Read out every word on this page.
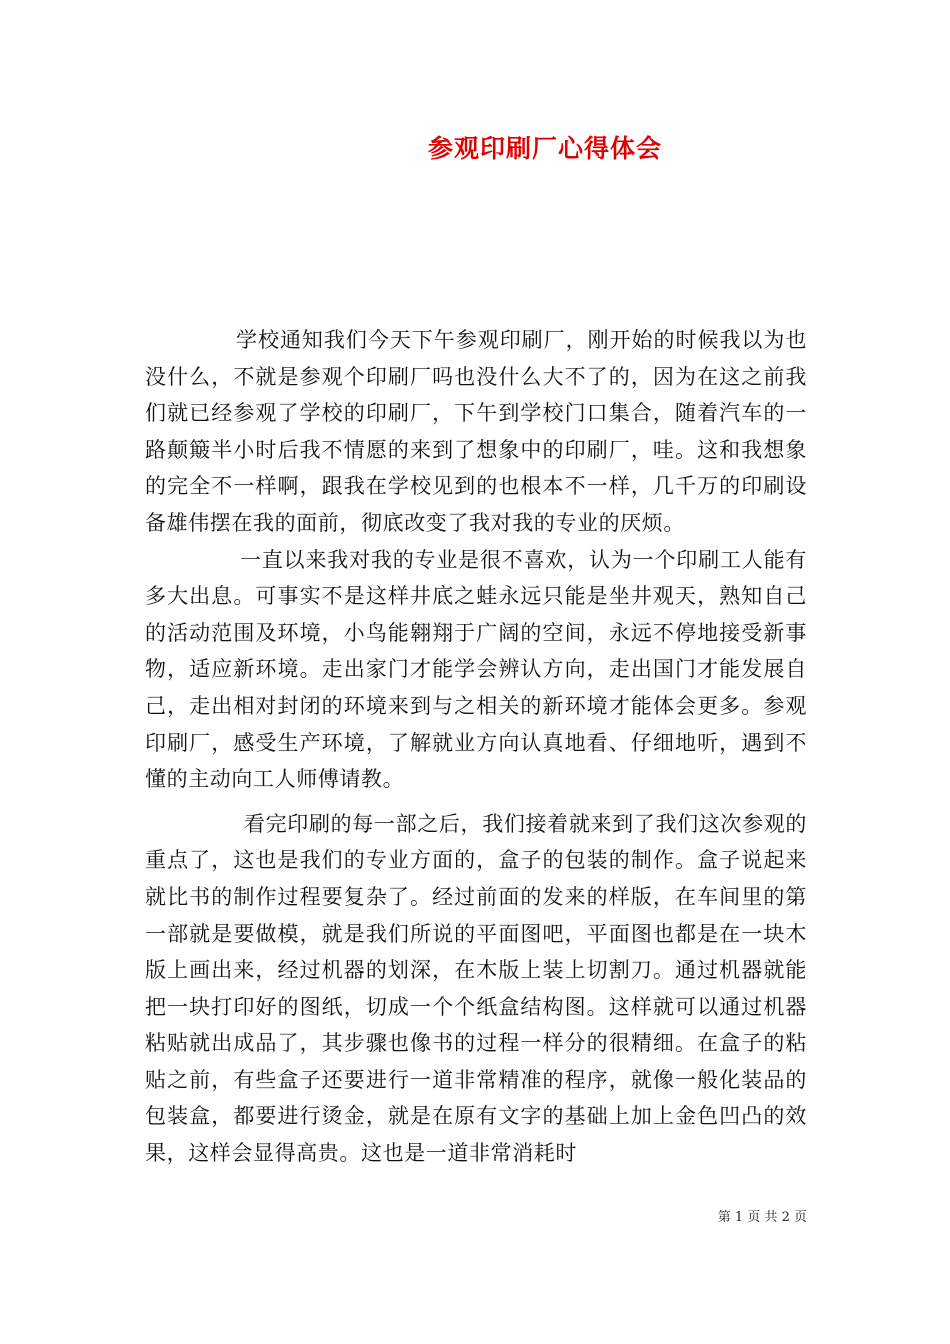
参观印刷厂心得体会

学校通知我们今天下午参观印刷厂，刚开始的时候我以为也没什么，不就是参观个印刷厂吗也没什么大不了的，因为在这之前我们就已经参观了学校的印刷厂，下午到学校门口集合，随着汽车的一路颠簸半小时后我不情愿的来到了想象中的印刷厂，哇。这和我想象的完全不一样啊，跟我在学校见到的也根本不一样，几千万的印刷设备雄伟摆在我的面前，彻底改变了我对我的专业的厌烦。

一直以来我对我的专业是很不喜欢，认为一个印刷工人能有多大出息。可事实不是这样井底之蛙永远只能是坐井观天，熟知自己的活动范围及环境，小鸟能翱翔于广阔的空间，永远不停地接受新事物，适应新环境。走出家门才能学会辨认方向，走出国门才能发展自己，走出相对封闭的环境来到与之相关的新环境才能体会更多。参观印刷厂，感受生产环境，了解就业方向认真地看、仔细地听，遇到不懂的主动向工人师傅请教。

看完印刷的每一部之后，我们接着就来到了我们这次参观的重点了，这也是我们的专业方面的，盒子的包装的制作。盒子说起来就比书的制作过程要复杂了。经过前面的发来的样版，在车间里的第一部就是要做模，就是我们所说的平面图吧，平面图也都是在一块木版上画出来，经过机器的划深，在木版上装上切割刀。通过机器就能把一块打印好的图纸，切成一个个纸盒结构图。这样就可以通过机器粘贴就出成品了，其步骤也像书的过程一样分的很精细。在盒子的粘贴之前，有些盒子还要进行一道非常精准的程序，就像一般化装品的包装盒，都要进行烫金，就是在原有文字的基础上加上金色凹凸的效果，这样会显得高贵。这也是一道非常消耗时

第 1 页 共 2 页
